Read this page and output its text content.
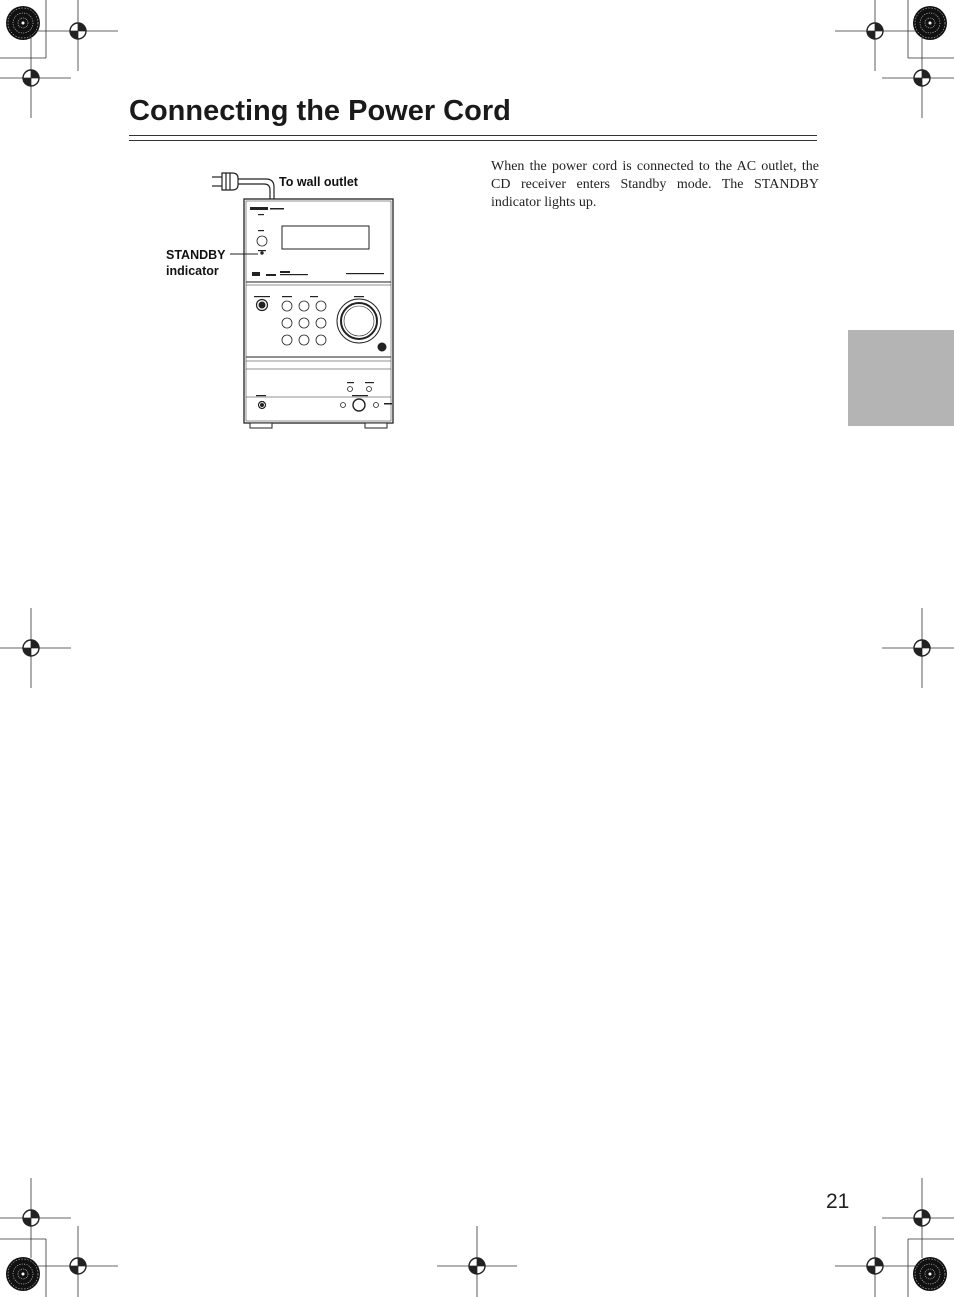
Connecting the Power Cord
To wall outlet
STANDBY
indicator
When the power cord is connected to the AC outlet, the CD receiver enters Standby mode. The STANDBY indicator lights up.
21
